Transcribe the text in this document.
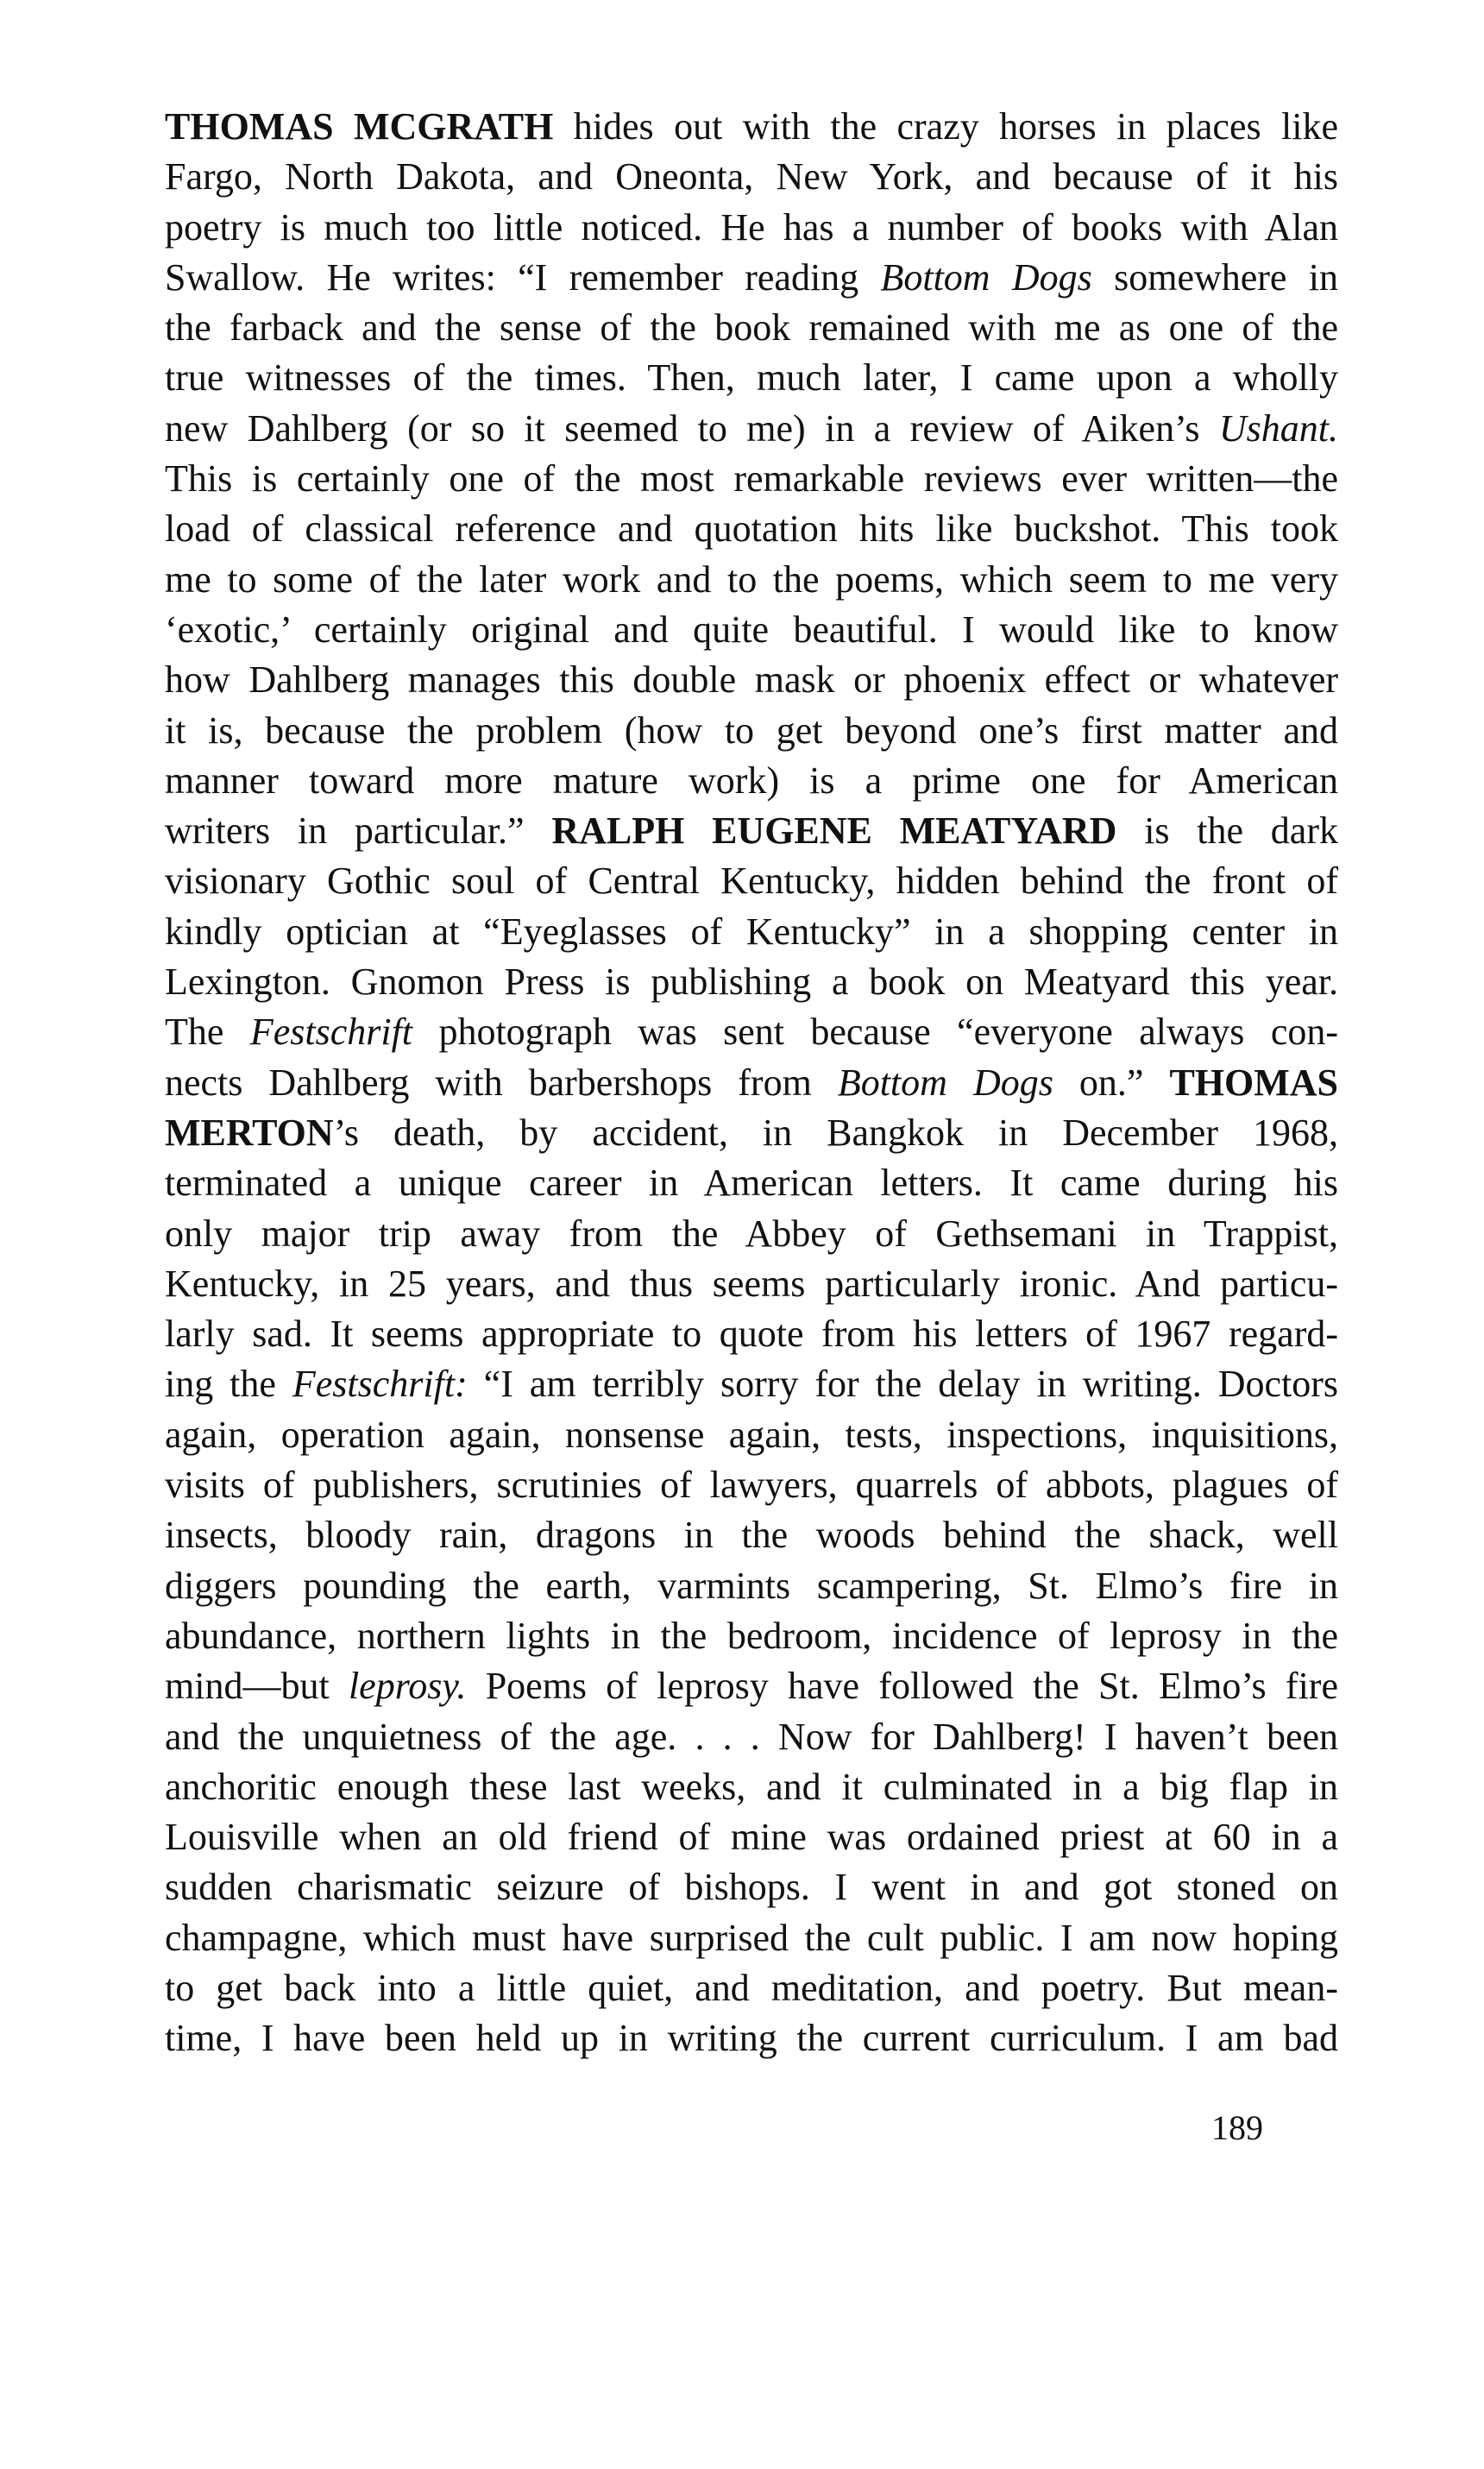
THOMAS MCGRATH hides out with the crazy horses in places like
Fargo, North Dakota, and Oneonta, New York, and because of it his
poetry is much too little noticed. He has a number of books with Alan
Swallow. He writes: “I remember reading Bottom Dogs somewhere in
the farback and the sense of the book remained with me as one of the
true witnesses of the times. Then, much later, I came upon a wholly
new Dahlberg (or so it seemed to me) in a review of Aiken’s Ushant.
This is certainly one of the most remarkable reviews ever written—the
load of classical reference and quotation hits like buckshot. This took
me to some of the later work and to the poems, which seem to me very
‘exotic,’ certainly original and quite beautiful. I would like to know
how Dahlberg manages this double mask or phoenix effect or whatever
it is, because the problem (how to get beyond one’s first matter and
manner toward more mature work) is a prime one for American
writers in particular.” RALPH EUGENE MEATYARD is the dark
visionary Gothic soul of Central Kentucky, hidden behind the front of
kindly optician at “Eyeglasses of Kentucky” in a shopping center in
Lexington. Gnomon Press is publishing a book on Meatyard this year.
The Festschrift photograph was sent because “everyone always con-
nects Dahlberg with barbershops from Bottom Dogs on.” THOMAS
MERTON’s death, by accident, in Bangkok in December 1968,
terminated a unique career in American letters. It came during his
only major trip away from the Abbey of Gethsemani in Trappist,
Kentucky, in 25 years, and thus seems particularly ironic. And particu-
larly sad. It seems appropriate to quote from his letters of 1967 regard-
ing the Festschrift: “I am terribly sorry for the delay in writing. Doctors
again, operation again, nonsense again, tests, inspections, inquisitions,
visits of publishers, scrutinies of lawyers, quarrels of abbots, plagues of
insects, bloody rain, dragons in the woods behind the shack, well
diggers pounding the earth, varmints scampering, St. Elmo’s fire in
abundance, northern lights in the bedroom, incidence of leprosy in the
mind—but leprosy. Poems of leprosy have followed the St. Elmo’s fire
and the unquietness of the age. . . . Now for Dahlberg! I haven’t been
anchoritic enough these last weeks, and it culminated in a big flap in
Louisville when an old friend of mine was ordained priest at 60 in a
sudden charismatic seizure of bishops. I went in and got stoned on
champagne, which must have surprised the cult public. I am now hoping
to get back into a little quiet, and meditation, and poetry. But mean-
time, I have been held up in writing the current curriculum. I am bad
189
